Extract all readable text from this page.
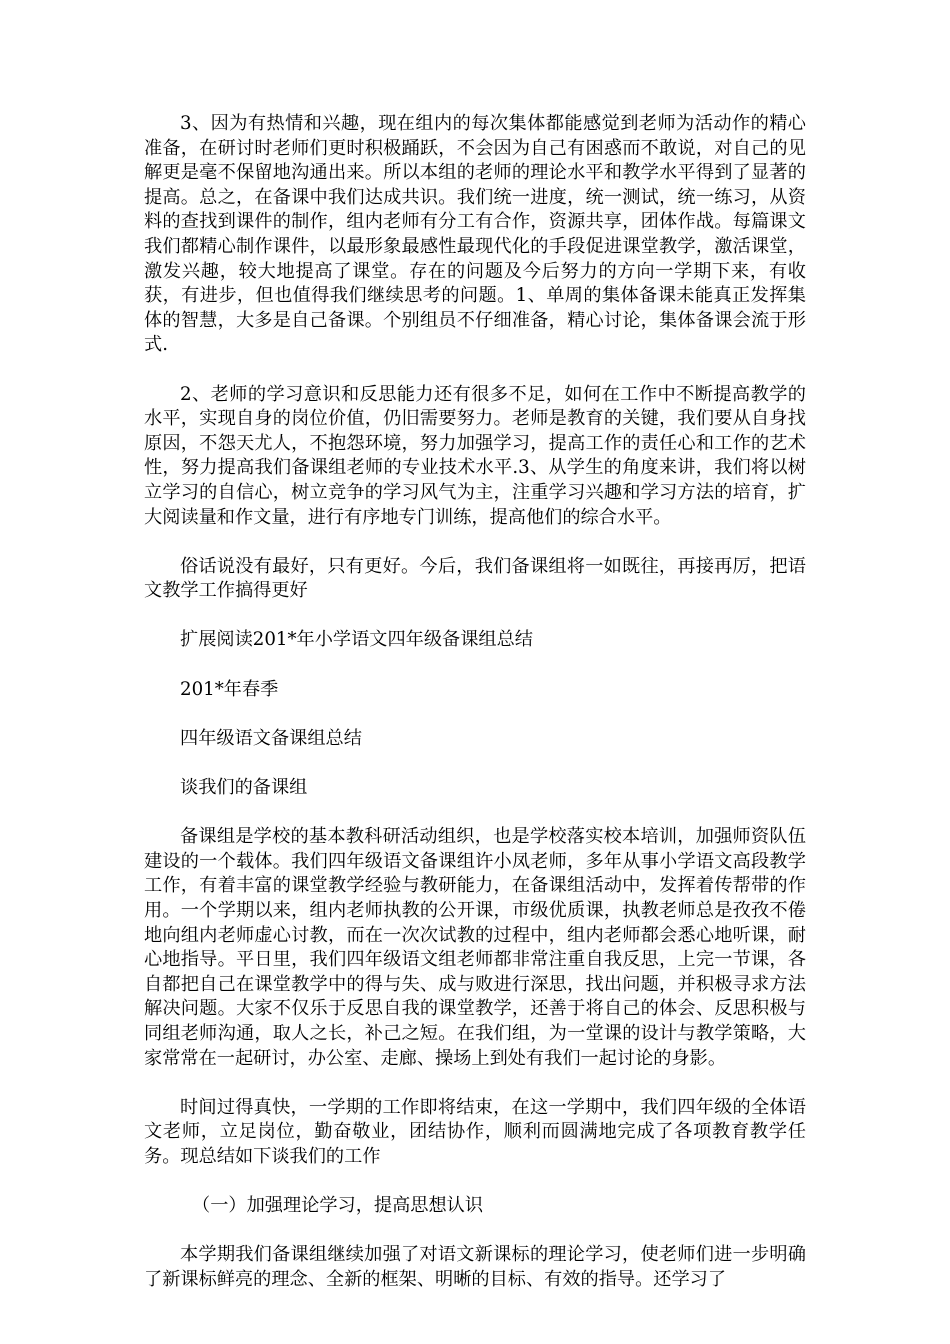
3、因为有热情和兴趣，现在组内的每次集体都能感觉到老师为活动作的精心准备，在研讨时老师们更时积极踊跃，不会因为自己有困惑而不敢说，对自己的见解更是毫不保留地沟通出来。所以本组的老师的理论水平和教学水平得到了显著的提高。总之，在备课中我们达成共识。我们统一进度，统一测试，统一练习，从资料的查找到课件的制作，组内老师有分工有合作，资源共享，团体作战。每篇课文我们都精心制作课件，以最形象最感性最现代化的手段促进课堂教学，激活课堂，激发兴趣，较大地提高了课堂。存在的问题及今后努力的方向一学期下来，有收获，有进步，但也值得我们继续思考的问题。1、单周的集体备课未能真正发挥集体的智慧，大多是自己备课。个别组员不仔细准备，精心讨论，集体备课会流于形式.

2、老师的学习意识和反思能力还有很多不足，如何在工作中不断提高教学的水平，实现自身的岗位价值，仍旧需要努力。老师是教育的关键，我们要从自身找原因，不怨天尤人，不抱怨环境，努力加强学习，提高工作的责任心和工作的艺术性，努力提高我们备课组老师的专业技术水平.3、从学生的角度来讲，我们将以树立学习的自信心，树立竞争的学习风气为主，注重学习兴趣和学习方法的培育，扩大阅读量和作文量，进行有序地专门训练，提高他们的综合水平。

俗话说没有最好，只有更好。今后，我们备课组将一如既往，再接再厉，把语文教学工作搞得更好

扩展阅读201*年小学语文四年级备课组总结

201*年春季

四年级语文备课组总结

谈我们的备课组

备课组是学校的基本教科研活动组织，也是学校落实校本培训，加强师资队伍建设的一个载体。我们四年级语文备课组许小凤老师，多年从事小学语文高段教学工作，有着丰富的课堂教学经验与教研能力，在备课组活动中，发挥着传帮带的作用。一个学期以来，组内老师执教的公开课，市级优质课，执教老师总是孜孜不倦地向组内老师虚心讨教，而在一次次试教的过程中，组内老师都会悉心地听课，耐心地指导。平日里，我们四年级语文组老师都非常注重自我反思，上完一节课，各自都把自己在课堂教学中的得与失、成与败进行深思，找出问题，并积极寻求方法解决问题。大家不仅乐于反思自我的课堂教学，还善于将自己的体会、反思积极与同组老师沟通，取人之长，补己之短。在我们组，为一堂课的设计与教学策略，大家常常在一起研讨，办公室、走廊、操场上到处有我们一起讨论的身影。

时间过得真快，一学期的工作即将结束，在这一学期中，我们四年级的全体语文老师，立足岗位，勤奋敬业，团结协作，顺利而圆满地完成了各项教育教学任务。现总结如下谈我们的工作

（一）加强理论学习，提高思想认识

本学期我们备课组继续加强了对语文新课标的理论学习，使老师们进一步明确了新课标鲜亮的理念、全新的框架、明晰的目标、有效的指导。还学习了
